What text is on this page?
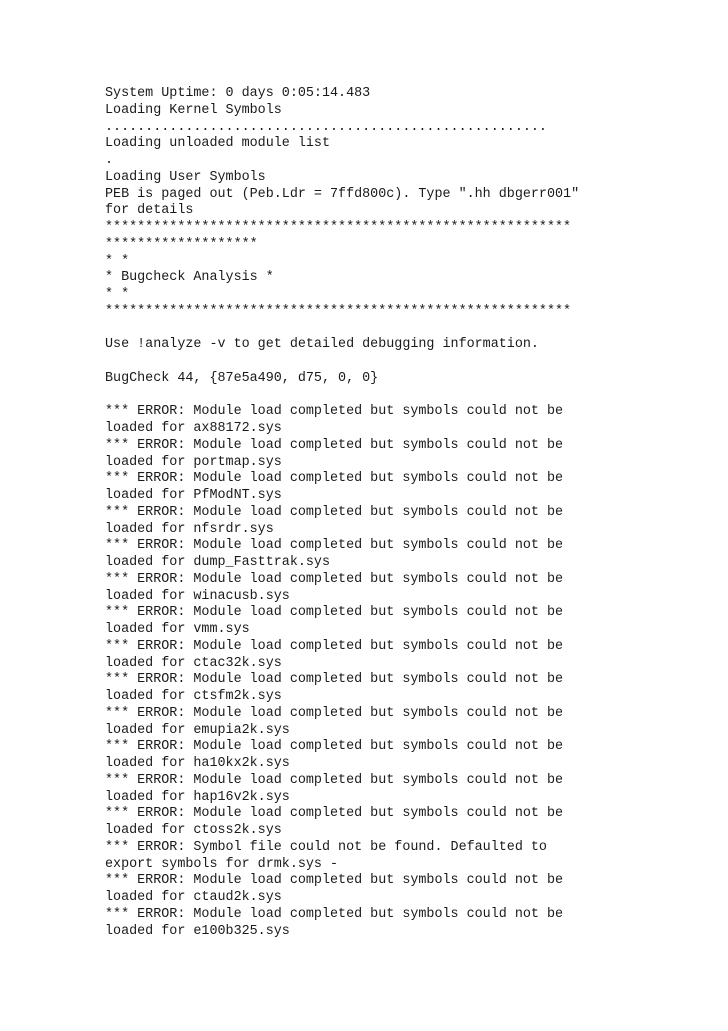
System Uptime: 0 days 0:05:14.483
Loading Kernel Symbols
.......................................................
Loading unloaded module list
.
Loading User Symbols
PEB is paged out (Peb.Ldr = 7ffd800c). Type ".hh dbgerr001"
for details
**********************************************************
*******************
* *
* Bugcheck Analysis *
* *
**********************************************************
Use !analyze -v to get detailed debugging information.
BugCheck 44, {87e5a490, d75, 0, 0}
*** ERROR: Module load completed but symbols could not be
loaded for ax88172.sys
*** ERROR: Module load completed but symbols could not be
loaded for portmap.sys
*** ERROR: Module load completed but symbols could not be
loaded for PfModNT.sys
*** ERROR: Module load completed but symbols could not be
loaded for nfsrdr.sys
*** ERROR: Module load completed but symbols could not be
loaded for dump_Fasttrak.sys
*** ERROR: Module load completed but symbols could not be
loaded for winacusb.sys
*** ERROR: Module load completed but symbols could not be
loaded for vmm.sys
*** ERROR: Module load completed but symbols could not be
loaded for ctac32k.sys
*** ERROR: Module load completed but symbols could not be
loaded for ctsfm2k.sys
*** ERROR: Module load completed but symbols could not be
loaded for emupia2k.sys
*** ERROR: Module load completed but symbols could not be
loaded for ha10kx2k.sys
*** ERROR: Module load completed but symbols could not be
loaded for hap16v2k.sys
*** ERROR: Module load completed but symbols could not be
loaded for ctoss2k.sys
*** ERROR: Symbol file could not be found. Defaulted to
export symbols for drmk.sys -
*** ERROR: Module load completed but symbols could not be
loaded for ctaud2k.sys
*** ERROR: Module load completed but symbols could not be
loaded for e100b325.sys
